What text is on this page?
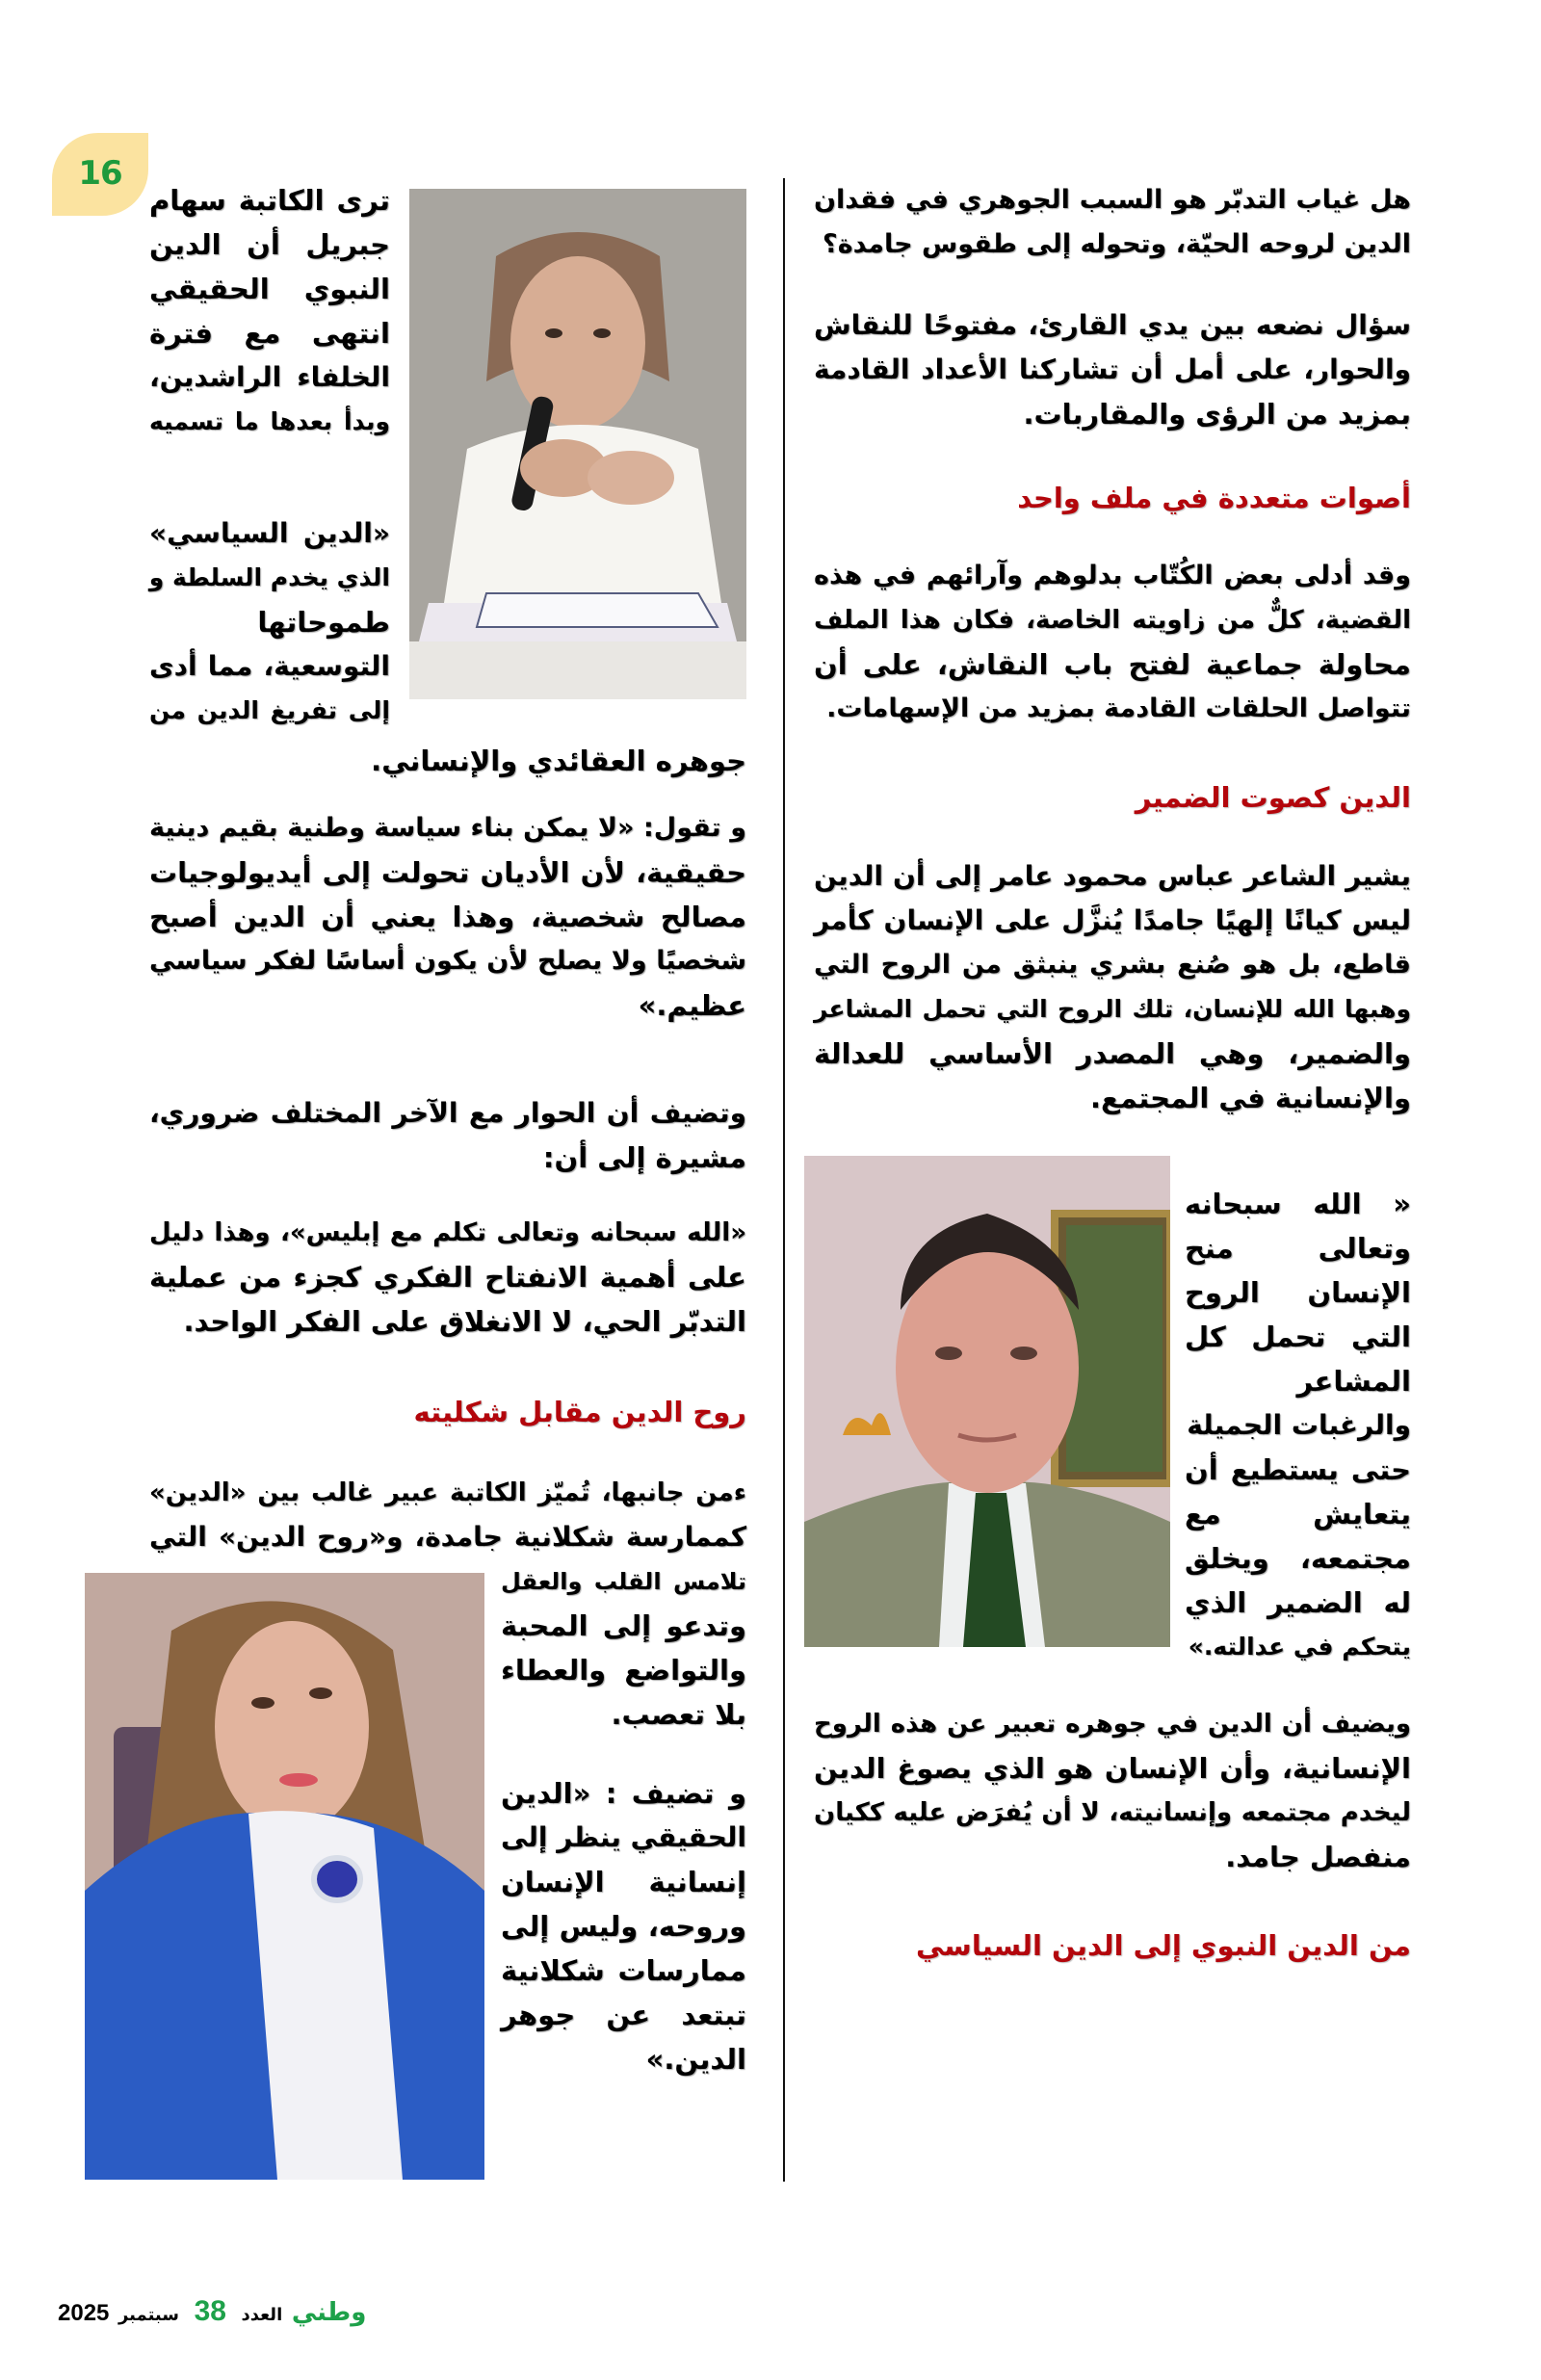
16
هل غياب التدبّر هو السبب الجوهري في فقدان
الدين لروحه الحيّة، وتحوله إلى طقوس جامدة؟
سؤال نضعه بين يدي القارئ، مفتوحًا للنقاش
والحوار، على أمل أن تشاركنا الأعداد القادمة
بمزيد من الرؤى والمقاربات.
أصوات متعددة في ملف واحد
وقد أدلى بعض الكُتّاب بدلوهم وآرائهم في هذه
القضية، كلٌّ من زاويته الخاصة، فكان هذا الملف
محاولة جماعية لفتح باب النقاش، على أن
تتواصل الحلقات القادمة بمزيد من الإسهامات.
الدين كصوت الضمير
يشير الشاعر عباس محمود عامر إلى أن الدين
ليس كيانًا إلهيًا جامدًا يُنزَّل على الإنسان كأمر
قاطع، بل هو صُنع بشري ينبثق من الروح التي
وهبها الله للإنسان، تلك الروح التي تحمل المشاعر
والضمير، وهي المصدر الأساسي للعدالة
والإنسانية في المجتمع.
« الله سبحانه
وتعالى منح
الإنسان الروح
التي تحمل كل
المشاعر
والرغبات الجميلة
حتى يستطيع أن
يتعايش مع
مجتمعه، ويخلق
له الضمير الذي
يتحكم في عدالته.»
ويضيف أن الدين في جوهره تعبير عن هذه الروح
الإنسانية، وأن الإنسان هو الذي يصوغ الدين
ليخدم مجتمعه وإنسانيته، لا أن يُفرَض عليه ككيان
منفصل جامد.
من الدين النبوي إلى الدين السياسي
ترى الكاتبة سهام
جبريل أن الدين
النبوي الحقيقي
انتهى مع فترة
الخلفاء الراشدين،
وبدأ بعدها ما تسميه
«الدين السياسي»
الذي يخدم السلطة و
طموحاتها
التوسعية، مما أدى
إلى تفريغ الدين من
جوهره العقائدي والإنساني.
و تقول: «لا يمكن بناء سياسة وطنية بقيم دينية
حقيقية، لأن الأديان تحولت إلى أيديولوجيات
مصالح شخصية، وهذا يعني أن الدين أصبح
شخصيًا ولا يصلح لأن يكون أساسًا لفكر سياسي
عظيم.»
وتضيف أن الحوار مع الآخر المختلف ضروري،
مشيرة إلى أن:
«الله سبحانه وتعالى تكلم مع إبليس»، وهذا دليل
على أهمية الانفتاح الفكري كجزء من عملية
التدبّر الحي، لا الانغلاق على الفكر الواحد.
روح الدين مقابل شكليته
ءمن جانبها، تُميّز الكاتبة عبير غالب بين «الدين»
كممارسة شكلانية جامدة، و«روح الدين» التي
تلامس القلب والعقل
وتدعو إلى المحبة
والتواضع والعطاء
بلا تعصب.
و تضيف : «الدين
الحقيقي ينظر إلى
إنسانية الإنسان
وروحه، وليس إلى
ممارسات شكلانية
تبتعد عن جوهر
الدين.»
وطني العدد 38 سبتمبر 2025
